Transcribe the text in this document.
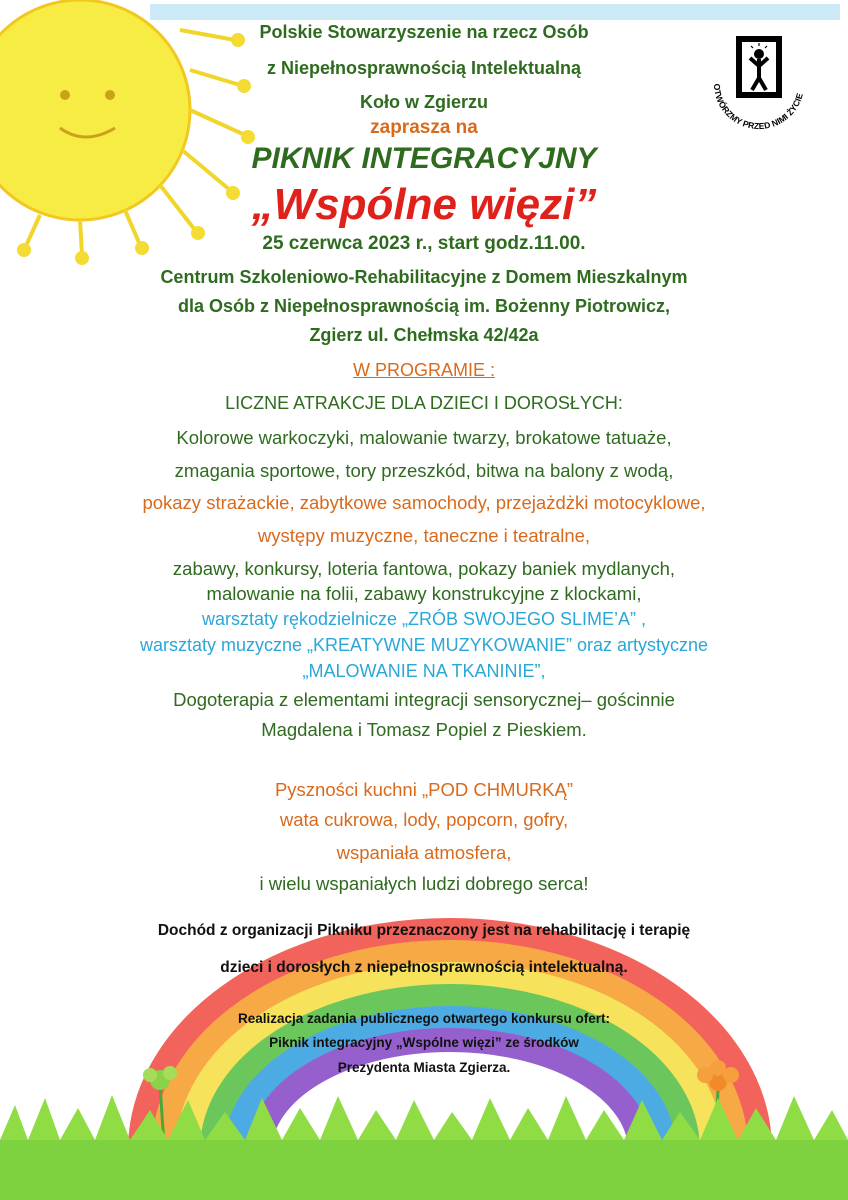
OTWÓRZMY PRZED NIMI ŻYCIE
Polskie Stowarzyszenie na rzecz Osób
z Niepełnosprawnością Intelektualną
Koło w Zgierzu
zaprasza na
PIKNIK INTEGRACYJNY
„Wspólne więzi”
25 czerwca 2023 r., start godz.11.00.
Centrum Szkoleniowo-Rehabilitacyjne z Domem Mieszkalnym
dla Osób z Niepełnosprawnością im. Bożenny Piotrowicz,
Zgierz ul. Chełmska 42/42a
W PROGRAMIE :
LICZNE ATRAKCJE DLA DZIECI I DOROSŁYCH:
Kolorowe warkoczyki, malowanie twarzy, brokatowe tatuaże,
zmagania sportowe, tory przeszkód, bitwa na balony z wodą,
pokazy strażackie, zabytkowe samochody, przejażdżki motocyklowe,
występy muzyczne, taneczne i teatralne,
zabawy, konkursy, loteria fantowa, pokazy baniek mydlanych,
malowanie na folii, zabawy konstrukcyjne z klockami,
warsztaty rękodzielnicze „ZRÓB SWOJEGO SLIME’A” ,
warsztaty muzyczne „KREATYWNE MUZYKOWANIE” oraz artystyczne
„MALOWANIE NA TKANINIE”,
Dogoterapia z elementami integracji sensorycznej– gościnnie
Magdalena i Tomasz Popiel z Pieskiem.
Pyszności kuchni „POD CHMURKĄ”
wata cukrowa, lody, popcorn, gofry,
wspaniała atmosfera,
i wielu wspaniałych ludzi dobrego serca!
Dochód z organizacji Pikniku przeznaczony jest na rehabilitację i terapię
dzieci i dorosłych z niepełnosprawnością intelektualną.
Realizacja zadania publicznego otwartego konkursu ofert:
Piknik integracyjny „Wspólne więzi” ze środków
Prezydenta Miasta Zgierza.
